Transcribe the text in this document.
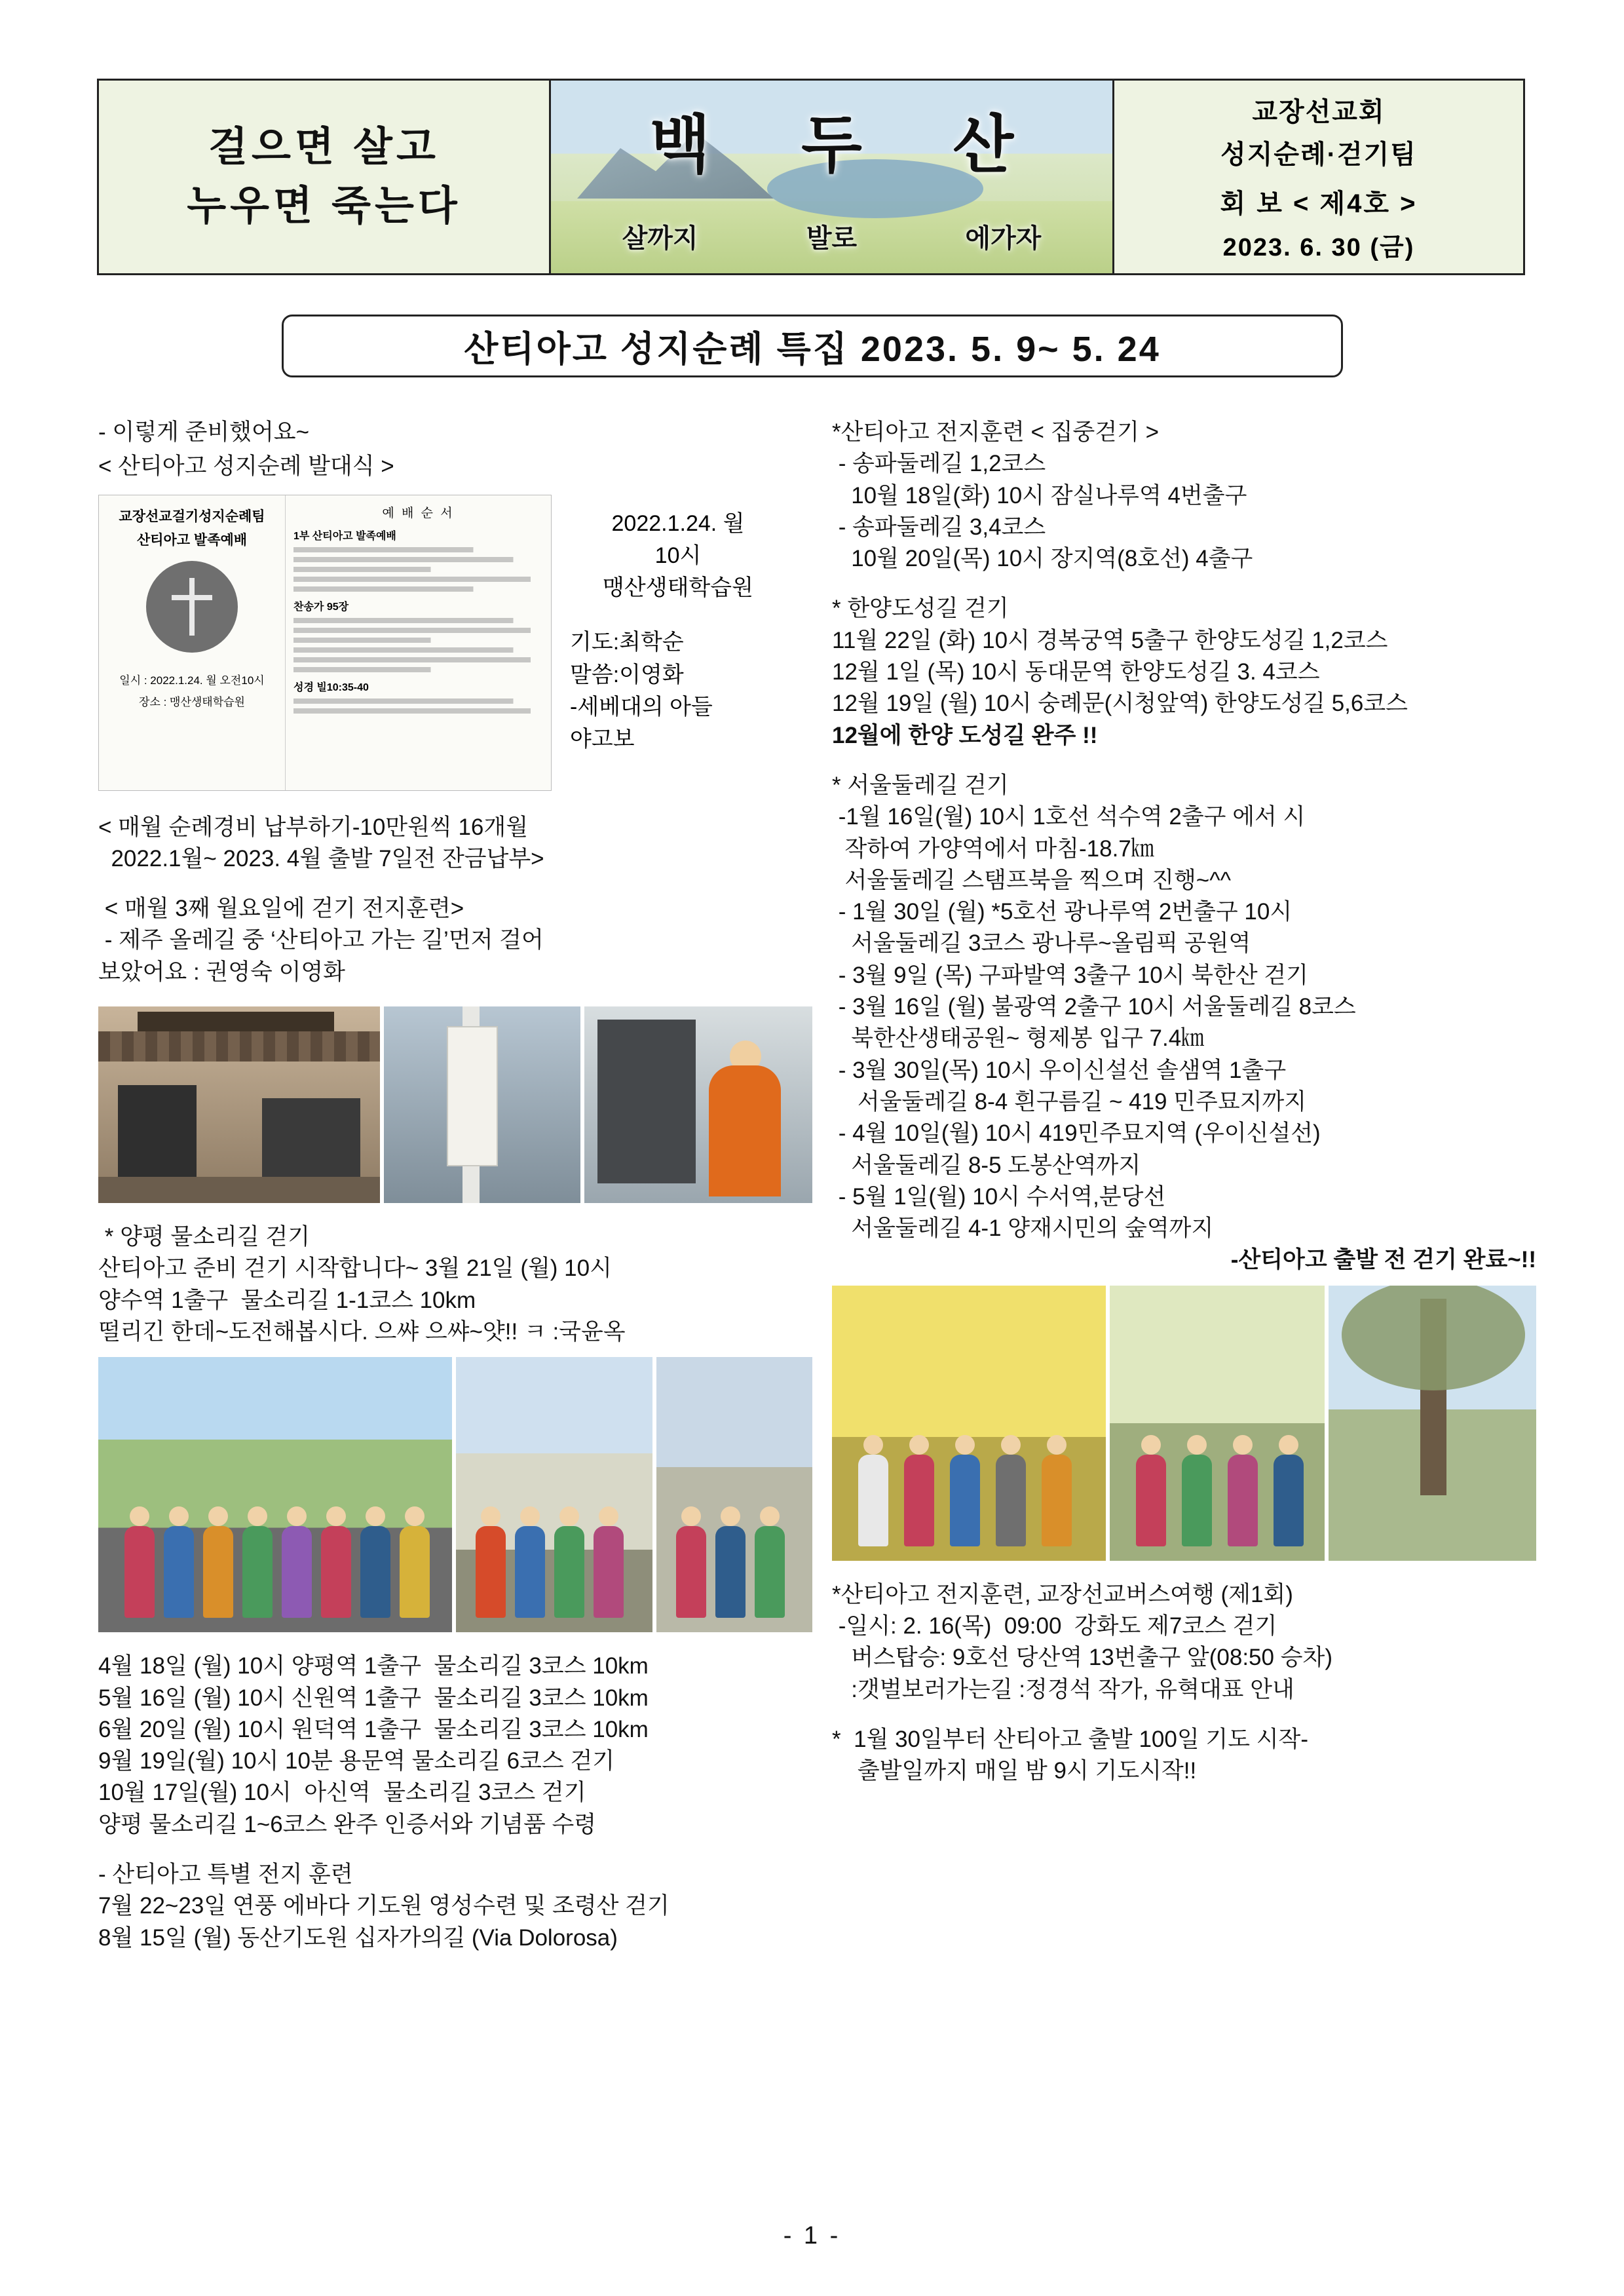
걸으면 살고
누우면 죽는다
백 두 산
살까지	발로	에가자
교장선교회
성지순례·걷기팀
회 보 < 제4호 >
2023. 6. 30 (금)
산티아고 성지순례 특집 2023. 5. 9~ 5. 24
- 이렇게 준비했어요~
< 산티아고 성지순례 발대식 >
교장선교걸기성지순례팀
산티아고 발족예배
일시 : 2022.1.24. 월 오전10시
장소 : 맹산생태학습원
예 배 순 서
1부 산티아고 발족예배
찬송가 95장
성경 빌10:35-40
2022.1.24. 월
10시
맹산생태학습원
기도:최학순
말씀:이영화
-세베대의 아들
야고보
< 매월 순례경비 납부하기-10만원씩 16개월
2022.1월~ 2023. 4월 출발 7일전 잔금납부>
< 매월 3째 월요일에 걷기 전지훈련>
- 제주 올레길 중 ‘산티아고 가는 길’먼저 걸어
보았어요 : 권영숙 이영화
* 양평 물소리길 걷기
산티아고 준비 걷기 시작합니다~ 3월 21일 (월) 10시
양수역 1출구  물소리길 1-1코스 10km
떨리긴 한데~도전해봅시다. 으쌰 으쌰~얏!! ㅋ :국윤옥
4월 18일 (월) 10시 양평역 1출구  물소리길 3코스 10km
5월 16일 (월) 10시 신원역 1출구  물소리길 3코스 10km
6월 20일 (월) 10시 원덕역 1출구  물소리길 3코스 10km
9월 19일(월) 10시 10분 용문역 물소리길 6코스 걷기
10월 17일(월) 10시  아신역  물소리길 3코스 걷기
양평 물소리길 1~6코스 완주 인증서와 기념품 수령
- 산티아고 특별 전지 훈련
7월 22~23일 연풍 에바다 기도원 영성수련 및 조령산 걷기
8월 15일 (월) 동산기도원 십자가의길 (Via Dolorosa)
*산티아고 전지훈련 < 집중걷기 >
- 송파둘레길 1,2코스
10월 18일(화) 10시 잠실나루역 4번출구
- 송파둘레길 3,4코스
10월 20일(목) 10시 장지역(8호선) 4출구
* 한양도성길 걷기
11월 22일 (화) 10시 경복궁역 5출구 한양도성길 1,2코스
12월 1일 (목) 10시 동대문역 한양도성길 3. 4코스
12월 19일 (월) 10시 숭례문(시청앞역) 한양도성길 5,6코스
12월에 한양 도성길 완주 !!
* 서울둘레길 걷기
-1월 16일(월) 10시 1호선 석수역 2출구 에서 시
작하여 가양역에서 마침-18.7㎞
서울둘레길 스탬프북을 찍으며 진행~^^
- 1월 30일 (월) *5호선 광나루역 2번출구 10시
서울둘레길 3코스 광나루~올림픽 공원역
- 3월 9일 (목) 구파발역 3출구 10시 북한산 걷기
- 3월 16일 (월) 불광역 2출구 10시 서울둘레길 8코스
북한산생태공원~ 형제봉 입구 7.4㎞
- 3월 30일(목) 10시 우이신설선 솔샘역 1출구
서울둘레길 8-4 흰구름길 ~ 419 민주묘지까지
- 4월 10일(월) 10시 419민주묘지역 (우이신설선)
서울둘레길 8-5 도봉산역까지
- 5월 1일(월) 10시 수서역,분당선
서울둘레길 4-1 양재시민의 숲역까지
-산티아고 출발 전 걷기 완료~!!
*산티아고 전지훈련, 교장선교버스여행 (제1회)
-일시: 2. 16(목)  09:00  강화도 제7코스 걷기
버스탑승: 9호선 당산역 13번출구 앞(08:50 승차)
:갯벌보러가는길 :정경석 작가, 유혁대표 안내
*  1월 30일부터 산티아고 출발 100일 기도 시작-
출발일까지 매일 밤 9시 기도시작!!
- 1 -
